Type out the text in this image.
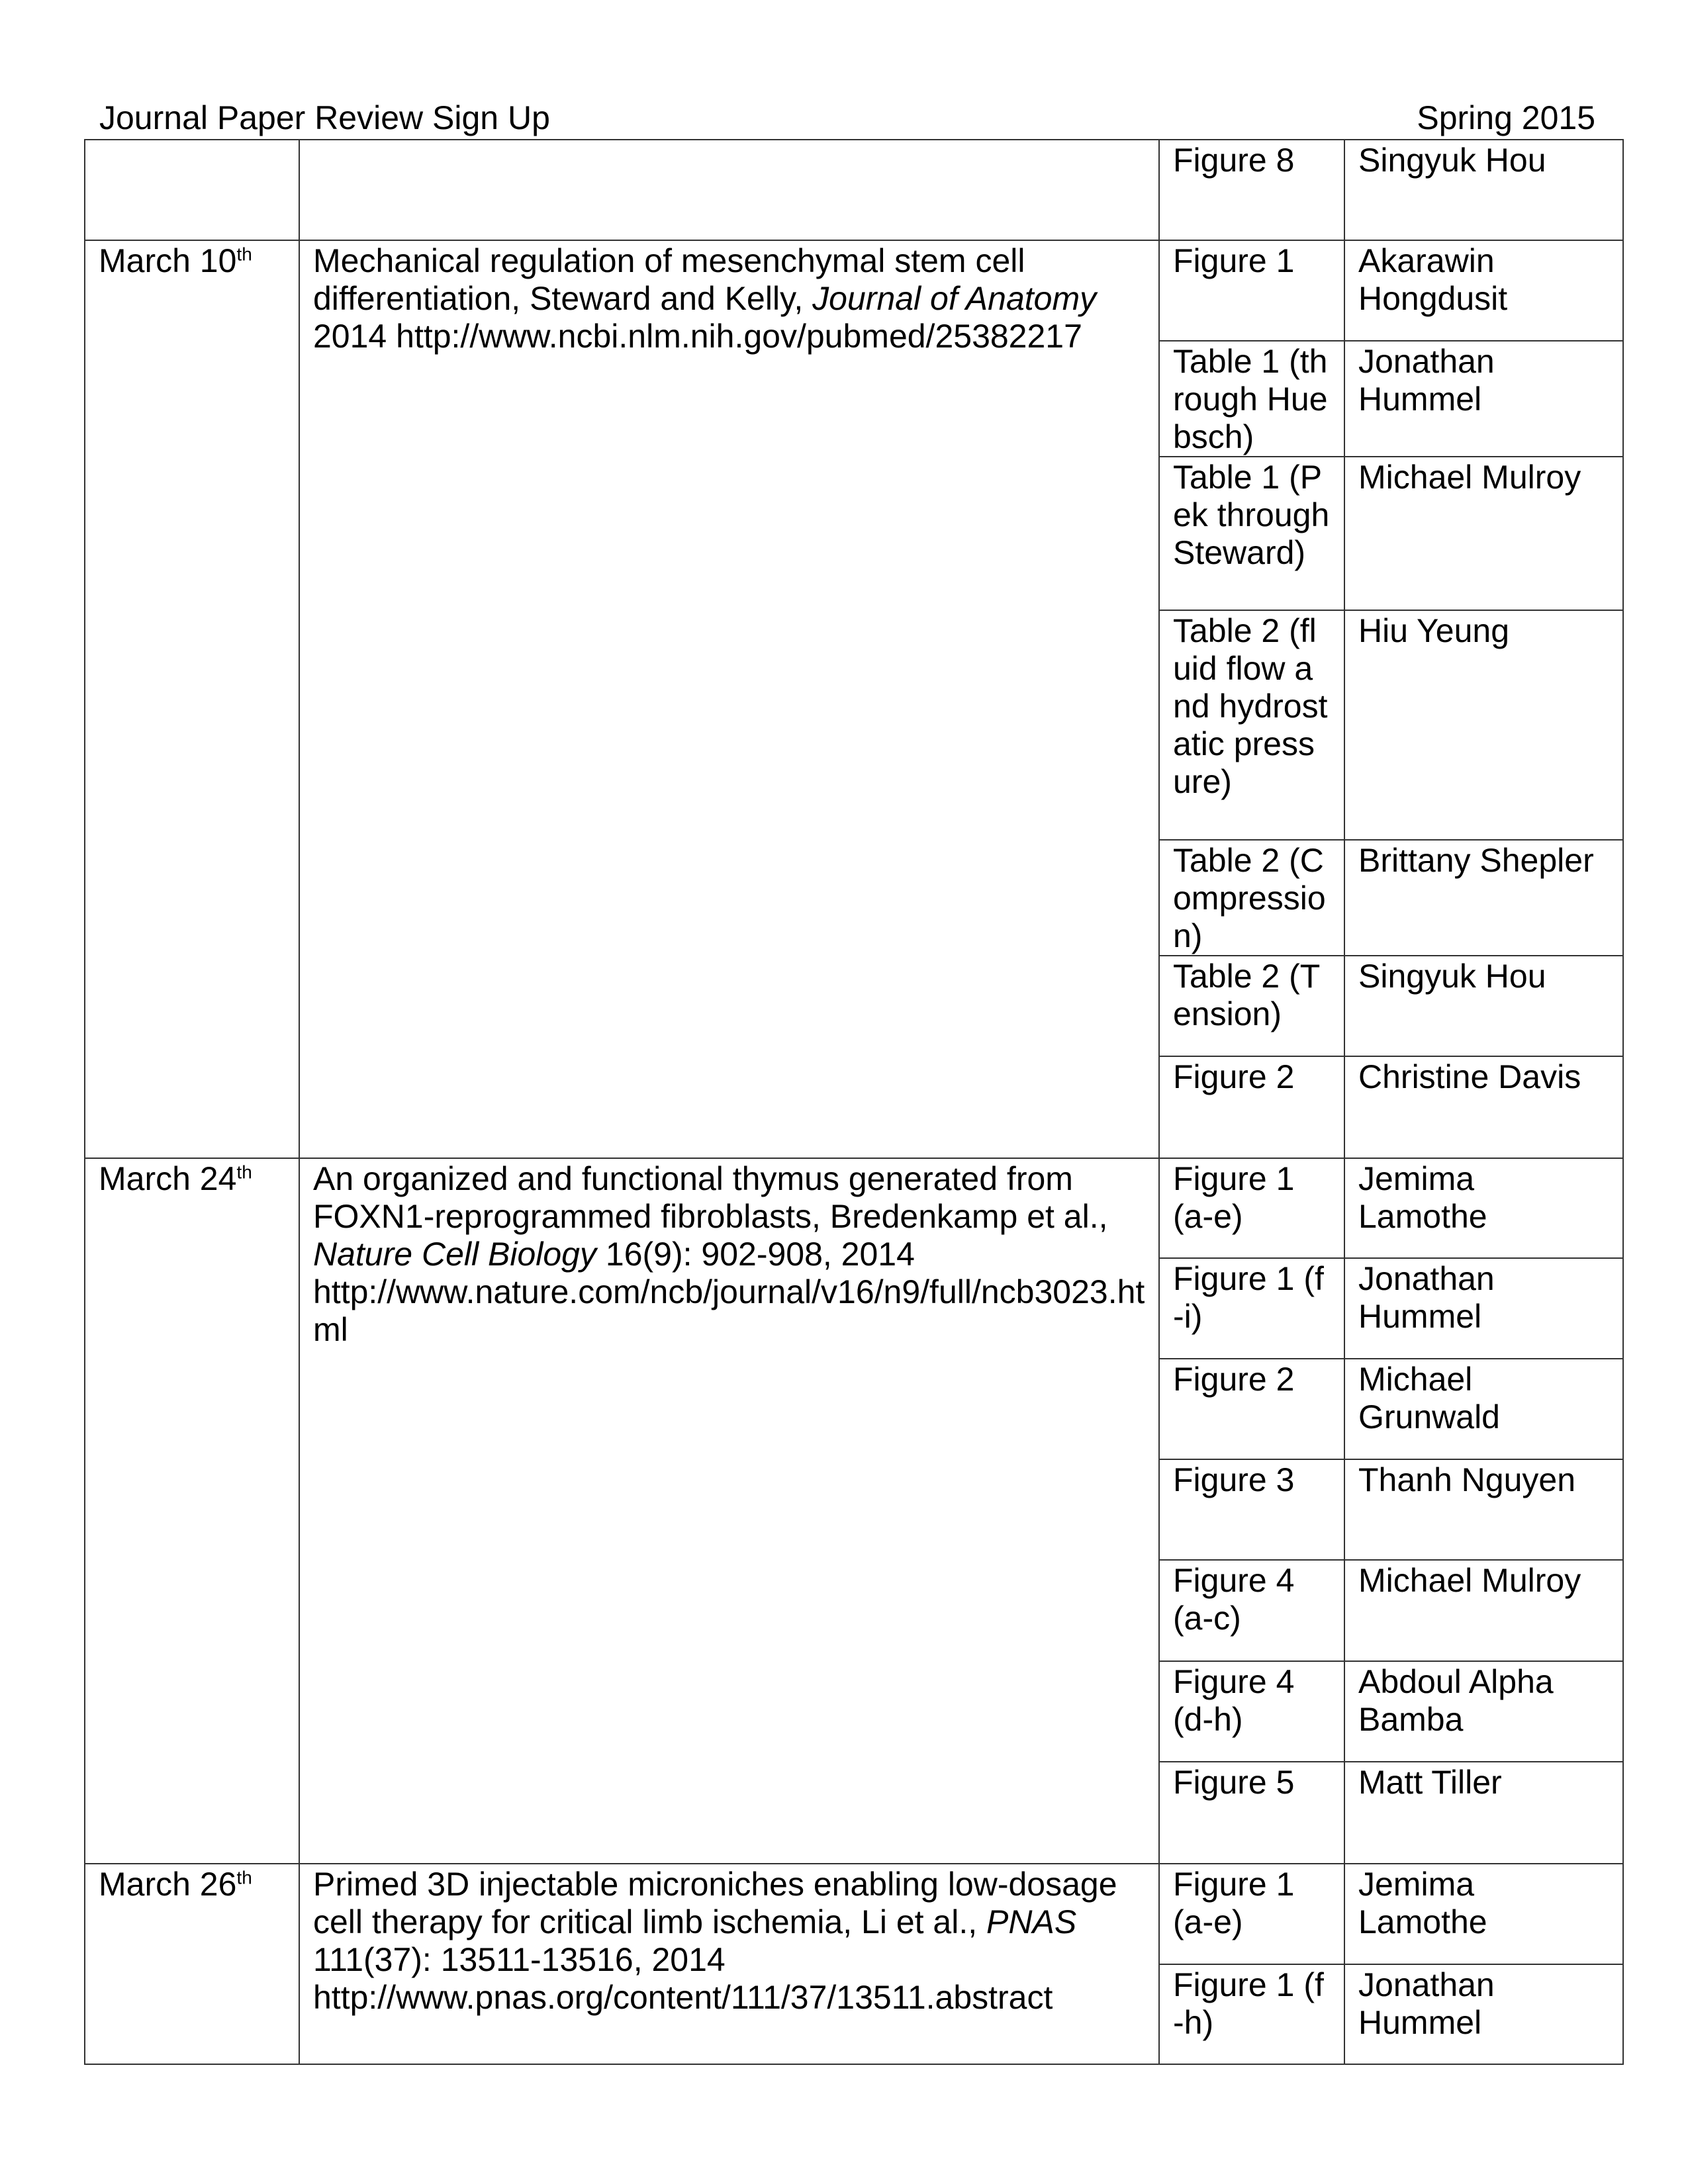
Journal Paper Review Sign Up	Spring 2015
		Figure 8	Singyuk Hou
March 10th	Mechanical regulation of mesenchymal stem cell differentiation, Steward and Kelly, Journal of Anatomy 2014 http://www.ncbi.nlm.nih.gov/pubmed/25382217	Figure 1	Akarawin Hongdusit
		Table 1 (through Huebsch)	Jonathan Hummel
		Table 1 (Pek through Steward)	Michael Mulroy
		Table 2 (fluid flow and hydrostatic pressure)	Hiu Yeung
		Table 2 (Compression)	Brittany Shepler
		Table 2 (Tension)	Singyuk Hou
		Figure 2	Christine Davis
March 24th	An organized and functional thymus generated from FOXN1-reprogrammed fibroblasts, Bredenkamp et al., Nature Cell Biology 16(9): 902-908, 2014 http://www.nature.com/ncb/journal/v16/n9/full/ncb3023.html	Figure 1 (a-e)	Jemima Lamothe
		Figure 1 (f-i)	Jonathan Hummel
		Figure 2	Michael Grunwald
		Figure 3	Thanh Nguyen
		Figure 4 (a-c)	Michael Mulroy
		Figure 4 (d-h)	Abdoul Alpha Bamba
		Figure 5	Matt Tiller
March 26th	Primed 3D injectable microniches enabling low-dosage cell therapy for critical limb ischemia, Li et al., PNAS 111(37): 13511-13516, 2014 http://www.pnas.org/content/111/37/13511.abstract	Figure 1 (a-e)	Jemima Lamothe
		Figure 1 (f-h)	Jonathan Hummel
